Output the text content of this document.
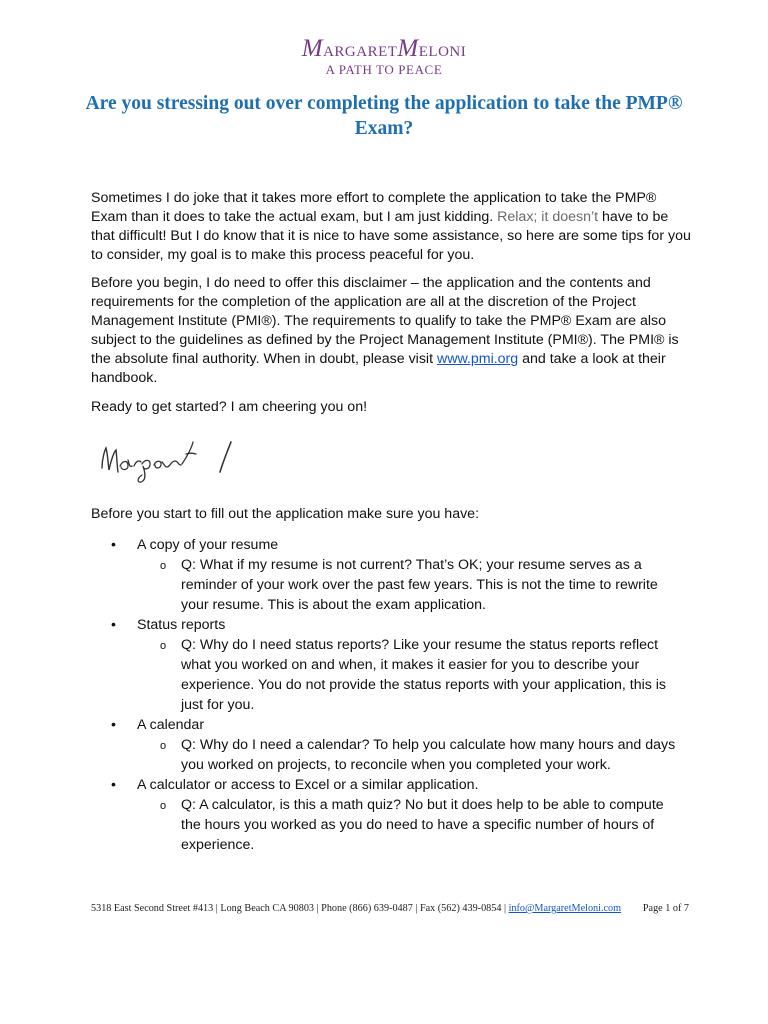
MARGARETMELONI
A PATH TO PEACE
Are you stressing out over completing the application to take the PMP® Exam?

Sometimes I do joke that it takes more effort to complete the application to take the PMP® Exam than it does to take the actual exam, but I am just kidding. Relax; it doesn’t have to be that difficult! But I do know that it is nice to have some assistance, so here are some tips for you to consider, my goal is to make this process peaceful for you.

Before you begin, I do need to offer this disclaimer – the application and the contents and requirements for the completion of the application are all at the discretion of the Project Management Institute (PMI®). The requirements to qualify to take the PMP® Exam are also subject to the guidelines as defined by the Project Management Institute (PMI®). The PMI® is the absolute final authority. When in doubt, please visit www.pmi.org and take a look at their handbook.

Ready to get started? I am cheering you on!

Before you start to fill out the application make sure you have:

• A copy of your resume
o Q: What if my resume is not current? That’s OK; your resume serves as a reminder of your work over the past few years. This is not the time to rewrite your resume. This is about the exam application.
• Status reports
o Q: Why do I need status reports? Like your resume the status reports reflect what you worked on and when, it makes it easier for you to describe your experience. You do not provide the status reports with your application, this is just for you.
• A calendar
o Q: Why do I need a calendar? To help you calculate how many hours and days you worked on projects, to reconcile when you completed your work.
• A calculator or access to Excel or a similar application.
o Q: A calculator, is this a math quiz? No but it does help to be able to compute the hours you worked as you do need to have a specific number of hours of experience.
5318 East Second Street #413 | Long Beach CA 90803 | Phone (866) 639-0487 | Fax (562) 439-0854 | info@MargaretMeloni.com Page 1 of 7
